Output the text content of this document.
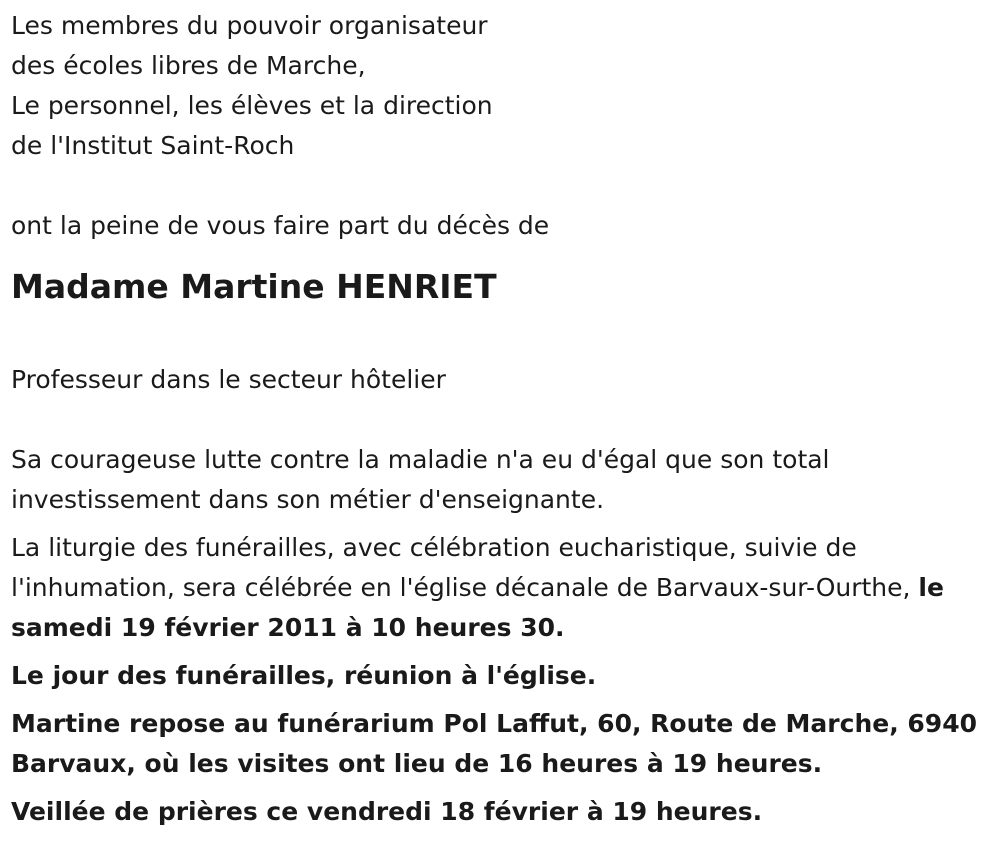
Les membres du pouvoir organisateur

des écoles libres de Marche,

Le personnel, les élèves et la direction

de l'Institut Saint-Roch

ont la peine de vous faire part du décès de

Madame Martine HENRIET

Professeur dans le secteur hôtelier

Sa courageuse lutte contre la maladie n'a eu d'égal que son total

investissement dans son métier d'enseignante.

La liturgie des funérailles, avec célébration eucharistique, suivie de

l'inhumation, sera célébrée en l'église décanale de Barvaux-sur-Ourthe, le

samedi 19 février 2011 à 10 heures 30.

Le jour des funérailles, réunion à l'église.

Martine repose au funérarium Pol Laffut, 60, Route de Marche, 6940

Barvaux, où les visites ont lieu de 16 heures à 19 heures.

Veillée de prières ce vendredi 18 février à 19 heures.
